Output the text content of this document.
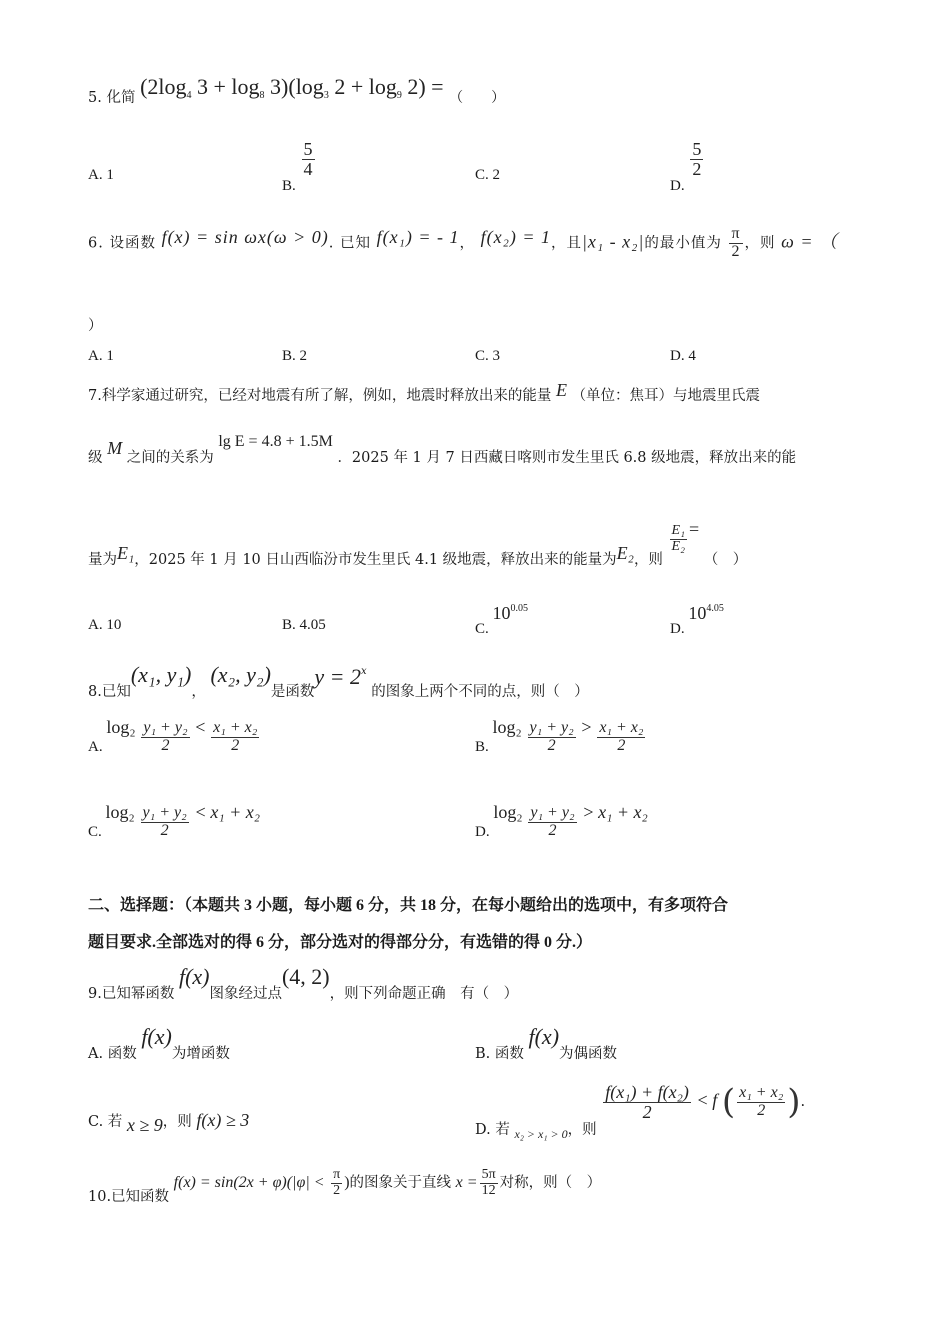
5. 化简 ($2\log_4$ $3 + \log_8 3)(\log_3$ $2 + \log_9 2$) = （　　）
A. 1
B.
$\frac{5}{4}$	C. 2
D.
$\frac{5}{2}$
6. 设函数 f(x) = sin ωx(ω > 0). 已知 f(x₁) = - 1， f(x₂) = 1，且|x₁ - x₂|的最小值为 $\frac{\pi}{2}$ ，则 ω = （
）
A. 1	B. 2	C. 3	D. 4
7.科学家通过研究，已经对地震有所了解，例如，地震时释放出来的能量 E （单位：焦耳）与地震里氏震
级 M 之间的关系为 lg E = 4.8 + 1.5M ．2025 年 1 月 7 日西藏日喀则市发生里氏 6.8 级地震，释放出来的能
量为E₁，2025 年 1 月 10 日山西临汾市发生里氏 4.1 级地震，释放出来的能量为E₂，则
$\frac{\text{E₁}}{\text{E₂}}$ = （　）
A. 10	B. 4.05	C. $10^{0.05}$
D. $10^{4.05}$
8.已知(x₁, y₁)， (x₂, y₂)是函数$y = 2^x$ 的图象上两个不同的点，则（　）
A. $\log_2 \frac{\text{y₁ + y₂}}{2} < \frac{\text{x₁ + x₂}}{2}$	B. $\log_2 \frac{\text{y₁ + y₂}}{2} > \frac{\text{x₁ + x₂}}{2}$
C. $\log_2 \frac{\text{y₁ + y₂}}{2} < x_1 + x_2$
D. $\log_2 \frac{\text{y₁ + y₂}}{2} > x_1 + x_2$
二、选择题：（本题共 3 小题，每小题 6 分，共 18 分，在每小题给出的选项中，有多项符合
题目要求.全部选对的得 6 分，部分选对的得部分分，有选错的得 0 分.）
9.已知幂函数 f(x)图象经过点(4, 2)，则下列命题正确　有（　）
A. 函数 f(x)为增函数	B. 函数 f(x)为偶函数
C. 若 x ≥ 9，则 f(x) ≥ 3	D. 若 $_{x_2 > x_1 > 0}$，则
$\frac{\text{f(x₁) + f(x₂)}}{2} < f$ ( $\frac{\text{x₁ + x₂}}{2}$ ).
10.已知函数 $f(x) = \sin(2x + \varphi)(|\varphi| < \frac{\pi}{2}$ )的图象关于直线 $x = \frac{5\pi}{12}$ 对称，则（　）
